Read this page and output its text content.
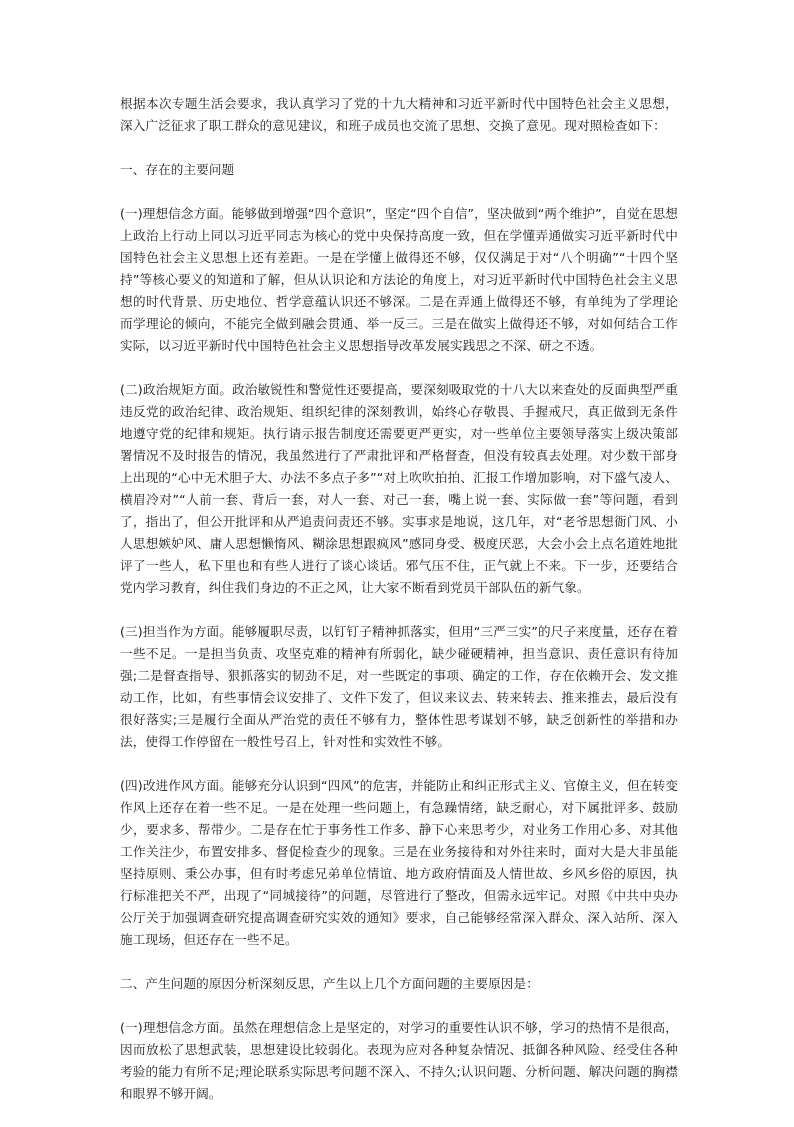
根据本次专题生活会要求，我认真学习了党的十九大精神和习近平新时代中国特色社会主义思想，深入广泛征求了职工群众的意见建议，和班子成员也交流了思想、交换了意见。现对照检查如下：

一、存在的主要问题

(一)理想信念方面。能够做到增强“四个意识”，坚定“四个自信”，坚决做到“两个维护”，自觉在思想上政治上行动上同以习近平同志为核心的党中央保持高度一致，但在学懂弄通做实习近平新时代中国特色社会主义思想上还有差距。一是在学懂上做得还不够，仅仅满足于对“八个明确”“十四个坚持”等核心要义的知道和了解，但从认识论和方法论的角度上，对习近平新时代中国特色社会主义思想的时代背景、历史地位、哲学意蕴认识还不够深。二是在弄通上做得还不够，有单纯为了学理论而学理论的倾向，不能完全做到融会贯通、举一反三。三是在做实上做得还不够，对如何结合工作实际，以习近平新时代中国特色社会主义思想指导改革发展实践思之不深、研之不透。

(二)政治规矩方面。政治敏锐性和警觉性还要提高，要深刻吸取党的十八大以来查处的反面典型严重违反党的政治纪律、政治规矩、组织纪律的深刻教训，始终心存敬畏、手握戒尺，真正做到无条件地遵守党的纪律和规矩。执行请示报告制度还需要更严更实，对一些单位主要领导落实上级决策部署情况不及时报告的情况，我虽然进行了严肃批评和严格督查，但没有较真去处理。对少数干部身上出现的“心中无术胆子大、办法不多点子多”“对上吹吹拍拍、汇报工作增加影响，对下盛气凌人、横眉冷对”“人前一套、背后一套，对人一套、对己一套，嘴上说一套、实际做一套”等问题，看到了，指出了，但公开批评和从严追责问责还不够。实事求是地说，这几年，对“老爷思想衙门风、小人思想嫉妒风、庸人思想懒惰风、糊涂思想跟疯风”感同身受、极度厌恶，大会小会上点名道姓地批评了一些人，私下里也和有些人进行了谈心谈话。邪气压不住，正气就上不来。下一步，还要结合党内学习教育，纠住我们身边的不正之风，让大家不断看到党员干部队伍的新气象。

(三)担当作为方面。能够履职尽责，以钉钉子精神抓落实，但用“三严三实”的尺子来度量，还存在着一些不足。一是担当负责、攻坚克难的精神有所弱化，缺少碰硬精神，担当意识、责任意识有待加强;二是督查指导、狠抓落实的韧劲不足，对一些既定的事项、确定的工作，存在依赖开会、发文推动工作，比如，有些事情会议安排了、文件下发了，但议来议去、转来转去、推来推去，最后没有很好落实;三是履行全面从严治党的责任不够有力，整体性思考谋划不够，缺乏创新性的举措和办法，使得工作停留在一般性号召上，针对性和实效性不够。

(四)改进作风方面。能够充分认识到“四风”的危害，并能防止和纠正形式主义、官僚主义，但在转变作风上还存在着一些不足。一是在处理一些问题上，有急躁情绪，缺乏耐心，对下属批评多、鼓励少，要求多、帮带少。二是存在忙于事务性工作多、静下心来思考少，对业务工作用心多、对其他工作关注少，布置安排多、督促检查少的现象。三是在业务接待和对外往来时，面对大是大非虽能坚持原则、秉公办事，但有时考虑兄弟单位情谊、地方政府情面及人情世故、乡风乡俗的原因，执行标准把关不严，出现了“同城接待”的问题，尽管进行了整改，但需永远牢记。对照《中共中央办公厅关于加强调查研究提高调查研究实效的通知》要求，自己能够经常深入群众、深入站所、深入施工现场，但还存在一些不足。

二、产生问题的原因分析深刻反思，产生以上几个方面问题的主要原因是：

(一)理想信念方面。虽然在理想信念上是坚定的，对学习的重要性认识不够，学习的热情不是很高，因而放松了思想武装，思想建设比较弱化。表现为应对各种复杂情况、抵御各种风险、经受住各种考验的能力有所不足;理论联系实际思考问题不深入、不持久;认识问题、分析问题、解决问题的胸襟和眼界不够开阔。
